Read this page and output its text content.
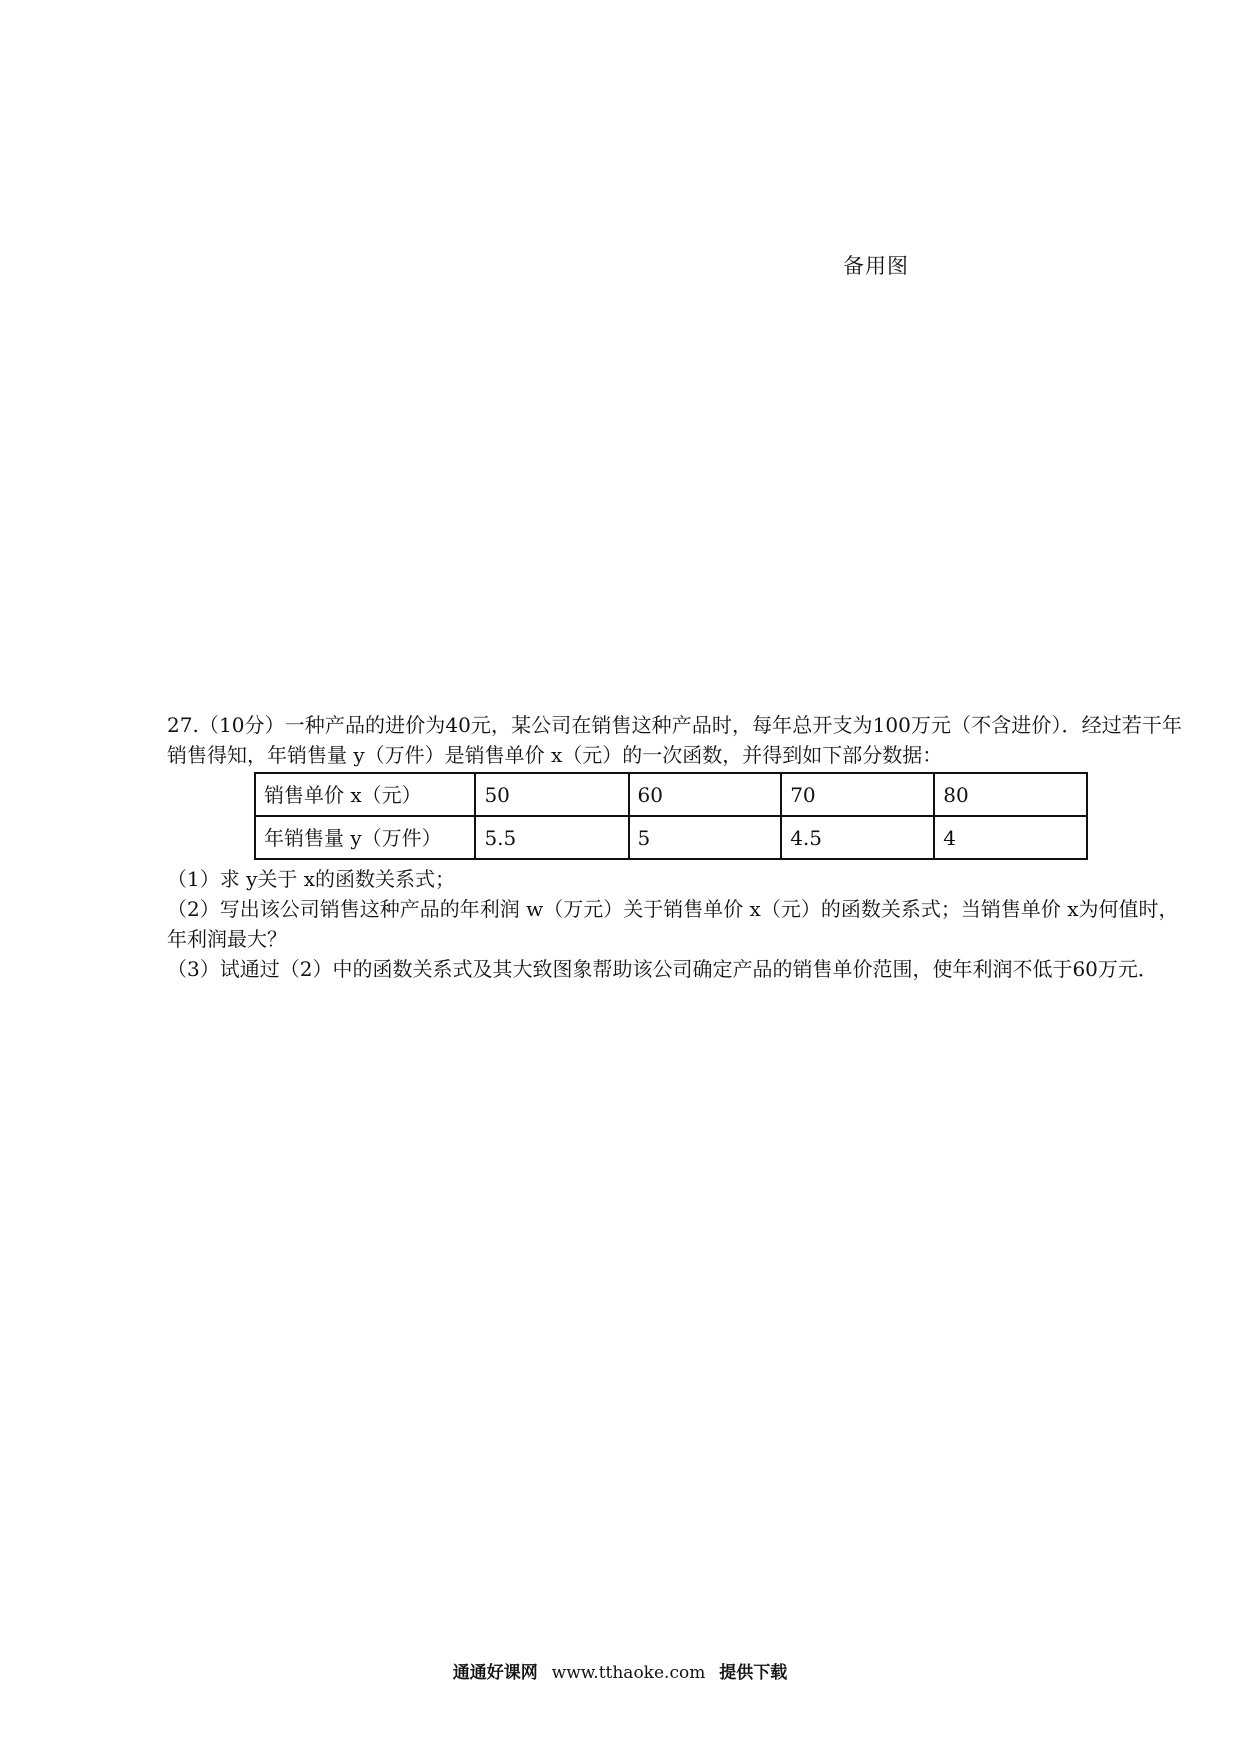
备用图

27.（10分）一种产品的进价为40元，某公司在销售这种产品时，每年总开支为100万元（不含进价）．经过若干年销售得知，年销售量 y（万件）是销售单价 x（元）的一次函数，并得到如下部分数据：

销售单价 x（元）	50	60	70	80
年销售量 y（万件）	5.5	5	4.5	4

（1）求 y关于 x的函数关系式；

（2）写出该公司销售这种产品的年利润 w（万元）关于销售单价 x（元）的函数关系式；当销售单价 x为何值时，年利润最大？

（3）试通过（2）中的函数关系式及其大致图象帮助该公司确定产品的销售单价范围，使年利润不低于60万元．

通通好课网 www.tthaoke.com 提供下载
